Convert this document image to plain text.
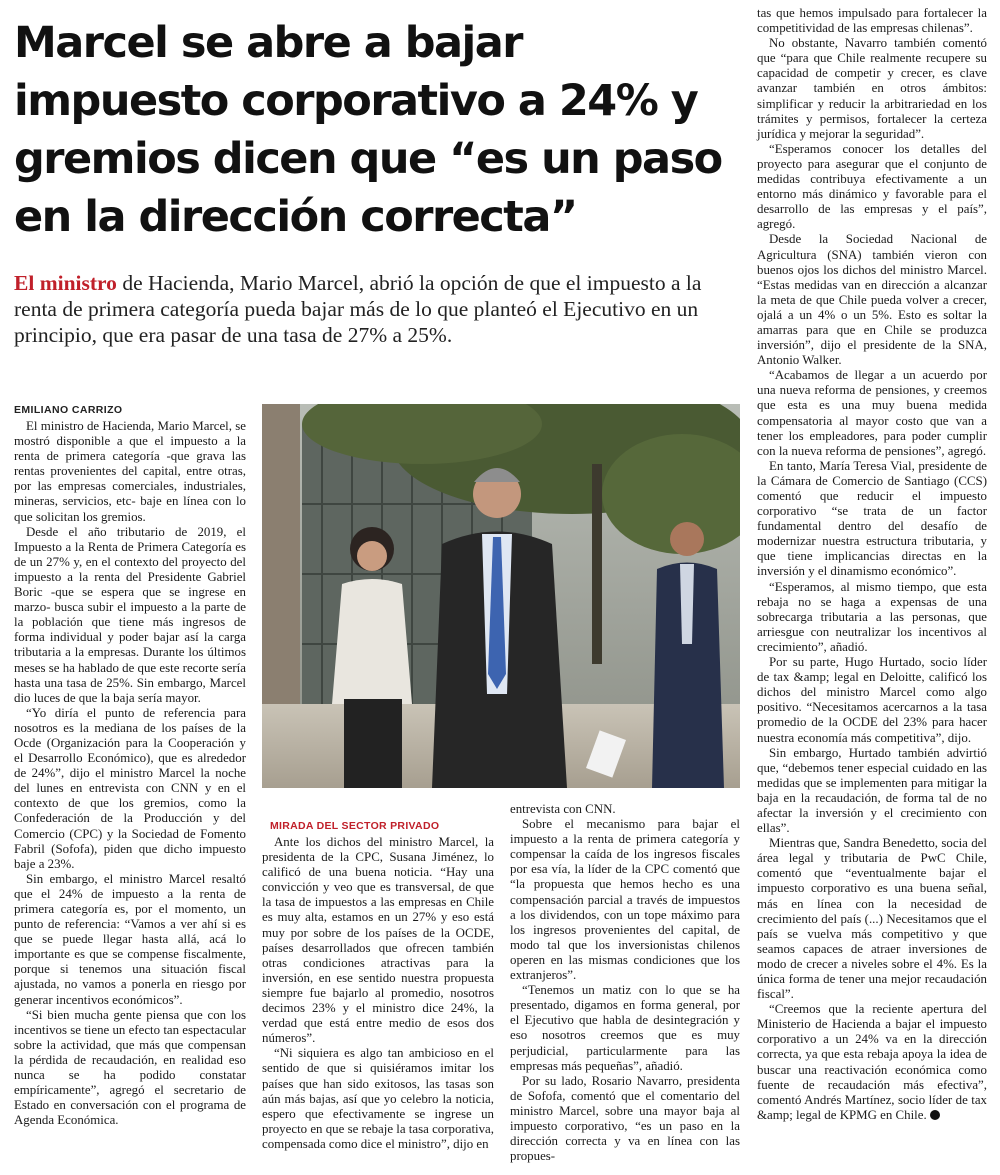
Marcel se abre a bajar impuesto corporativo a 24% y gremios dicen que “es un paso en la dirección correcta”

El ministro de Hacienda, Mario Marcel, abrió la opción de que el impuesto a la renta de primera categoría pueda bajar más de lo que planteó el Ejecutivo en un principio, que era pasar de una tasa de 27% a 25%.

EMILIANO CARRIZO

El ministro de Hacienda, Mario Marcel, se mostró disponible a que el impuesto a la renta de primera categoría -que grava las rentas provenientes del capital, entre otras, por las empresas comerciales, industriales, mineras, servicios, etc- baje en línea con lo que solicitan los gremios.

Desde el año tributario de 2019, el Impuesto a la Renta de Primera Categoría es de un 27% y, en el contexto del proyecto del impuesto a la renta del Presidente Gabriel Boric -que se espera que se ingrese en marzo- busca subir el impuesto a la parte de la población que tiene más ingresos de forma individual y poder bajar así la carga tributaria a la empresas. Durante los últimos meses se ha hablado de que este recorte sería hasta una tasa de 25%. Sin embargo, Marcel dio luces de que la baja sería mayor.

“Yo diría el punto de referencia para nosotros es la mediana de los países de la Ocde (Organización para la Cooperación y el Desarrollo Económico), que es alrededor de 24%”, dijo el ministro Marcel la noche del lunes en entrevista con CNN y en el contexto de que los gremios, como la Confederación de la Producción y del Comercio (CPC) y la Sociedad de Fomento Fabril (Sofofa), piden que dicho impuesto baje a 23%.

Sin embargo, el ministro Marcel resaltó que el 24% de impuesto a la renta de primera categoría es, por el momento, un punto de referencia: “Vamos a ver ahí si es que se puede llegar hasta allá, acá lo importante es que se compense fiscalmente, porque si tenemos una situación fiscal ajustada, no vamos a ponerla en riesgo por generar incentivos económicos”.

“Si bien mucha gente piensa que con los incentivos se tiene un efecto tan espectacular sobre la actividad, que más que compensan la pérdida de recaudación, en realidad eso nunca se ha podido constatar empíricamente”, agregó el secretario de Estado en conversación con el programa de Agenda Económica.

MIRADA DEL SECTOR PRIVADO

Ante los dichos del ministro Marcel, la presidenta de la CPC, Susana Jiménez, lo calificó de una buena noticia. “Hay una convicción y veo que es transversal, de que la tasa de impuestos a las empresas en Chile es muy alta, estamos en un 27% y eso está muy por sobre de los países de la OCDE, países desarrollados que ofrecen también otras condiciones atractivas para la inversión, en ese sentido nuestra propuesta siempre fue bajarlo al promedio, nosotros decimos 23% y el ministro dice 24%, la verdad que está entre medio de esos dos números”.

“Ni siquiera es algo tan ambicioso en el sentido de que si quisiéramos imitar los países que han sido exitosos, las tasas son aún más bajas, así que yo celebro la noticia, espero que efectivamente se ingrese un proyecto en que se rebaje la tasa corporativa, compensada como dice el ministro”, dijo en

entrevista con CNN.

Sobre el mecanismo para bajar el impuesto a la renta de primera categoría y compensar la caída de los ingresos fiscales por esa vía, la líder de la CPC comentó que “la propuesta que hemos hecho es una compensación parcial a través de impuestos a los dividendos, con un tope máximo para los ingresos provenientes del capital, de modo tal que los inversionistas chilenos operen en las mismas condiciones que los extranjeros”.

“Tenemos un matiz con lo que se ha presentado, digamos en forma general, por el Ejecutivo que habla de desintegración y eso nosotros creemos que es muy perjudicial, particularmente para las empresas más pequeñas”, añadió.

Por su lado, Rosario Navarro, presidenta de Sofofa, comentó que el comentario del ministro Marcel, sobre una mayor baja al impuesto corporativo, “es un paso en la dirección correcta y va en línea con las propues-

tas que hemos impulsado para fortalecer la competitividad de las empresas chilenas”.

No obstante, Navarro también comentó que “para que Chile realmente recupere su capacidad de competir y crecer, es clave avanzar también en otros ámbitos: simplificar y reducir la arbitrariedad en los trámites y permisos, fortalecer la certeza jurídica y mejorar la seguridad”.

“Esperamos conocer los detalles del proyecto para asegurar que el conjunto de medidas contribuya efectivamente a un entorno más dinámico y favorable para el desarrollo de las empresas y el país”, agregó.

Desde la Sociedad Nacional de Agricultura (SNA) también vieron con buenos ojos los dichos del ministro Marcel. “Estas medidas van en dirección a alcanzar la meta de que Chile pueda volver a crecer, ojalá a un 4% o un 5%. Esto es soltar la amarras para que en Chile se produzca inversión”, dijo el presidente de la SNA, Antonio Walker.

“Acabamos de llegar a un acuerdo por una nueva reforma de pensiones, y creemos que esta es una muy buena medida compensatoria al mayor costo que van a tener los empleadores, para poder cumplir con la nueva reforma de pensiones”, agregó.

En tanto, María Teresa Vial, presidente de la Cámara de Comercio de Santiago (CCS) comentó que reducir el impuesto corporativo “se trata de un factor fundamental dentro del desafío de modernizar nuestra estructura tributaria, y que tiene implicancias directas en la inversión y el dinamismo económico”.

“Esperamos, al mismo tiempo, que esta rebaja no se haga a expensas de una sobrecarga tributaria a las personas, que arriesgue con neutralizar los incentivos al crecimiento”, añadió.

Por su parte, Hugo Hurtado, socio líder de tax &amp; legal en Deloitte, calificó los dichos del ministro Marcel como algo positivo. “Necesitamos acercarnos a la tasa promedio de la OCDE del 23% para hacer nuestra economía más competitiva”, dijo.

Sin embargo, Hurtado también advirtió que, “debemos tener especial cuidado en las medidas que se implementen para mitigar la baja en la recaudación, de forma tal de no afectar la inversión y el crecimiento con ellas”.

Mientras que, Sandra Benedetto, socia del área legal y tributaria de PwC Chile, comentó que “eventualmente bajar el impuesto corporativo es una buena señal, más en línea con la necesidad de crecimiento del país (...) Necesitamos que el país se vuelva más competitivo y que seamos capaces de atraer inversiones de modo de crecer a niveles sobre el 4%. Es la única forma de tener una mejor recaudación fiscal”.

“Creemos que la reciente apertura del Ministerio de Hacienda a bajar el impuesto corporativo a un 24% va en la dirección correcta, ya que esta rebaja apoya la idea de buscar una reactivación económica como fuente de recaudación más efectiva”, comentó Andrés Martínez, socio líder de tax &amp; legal de KPMG en Chile.
